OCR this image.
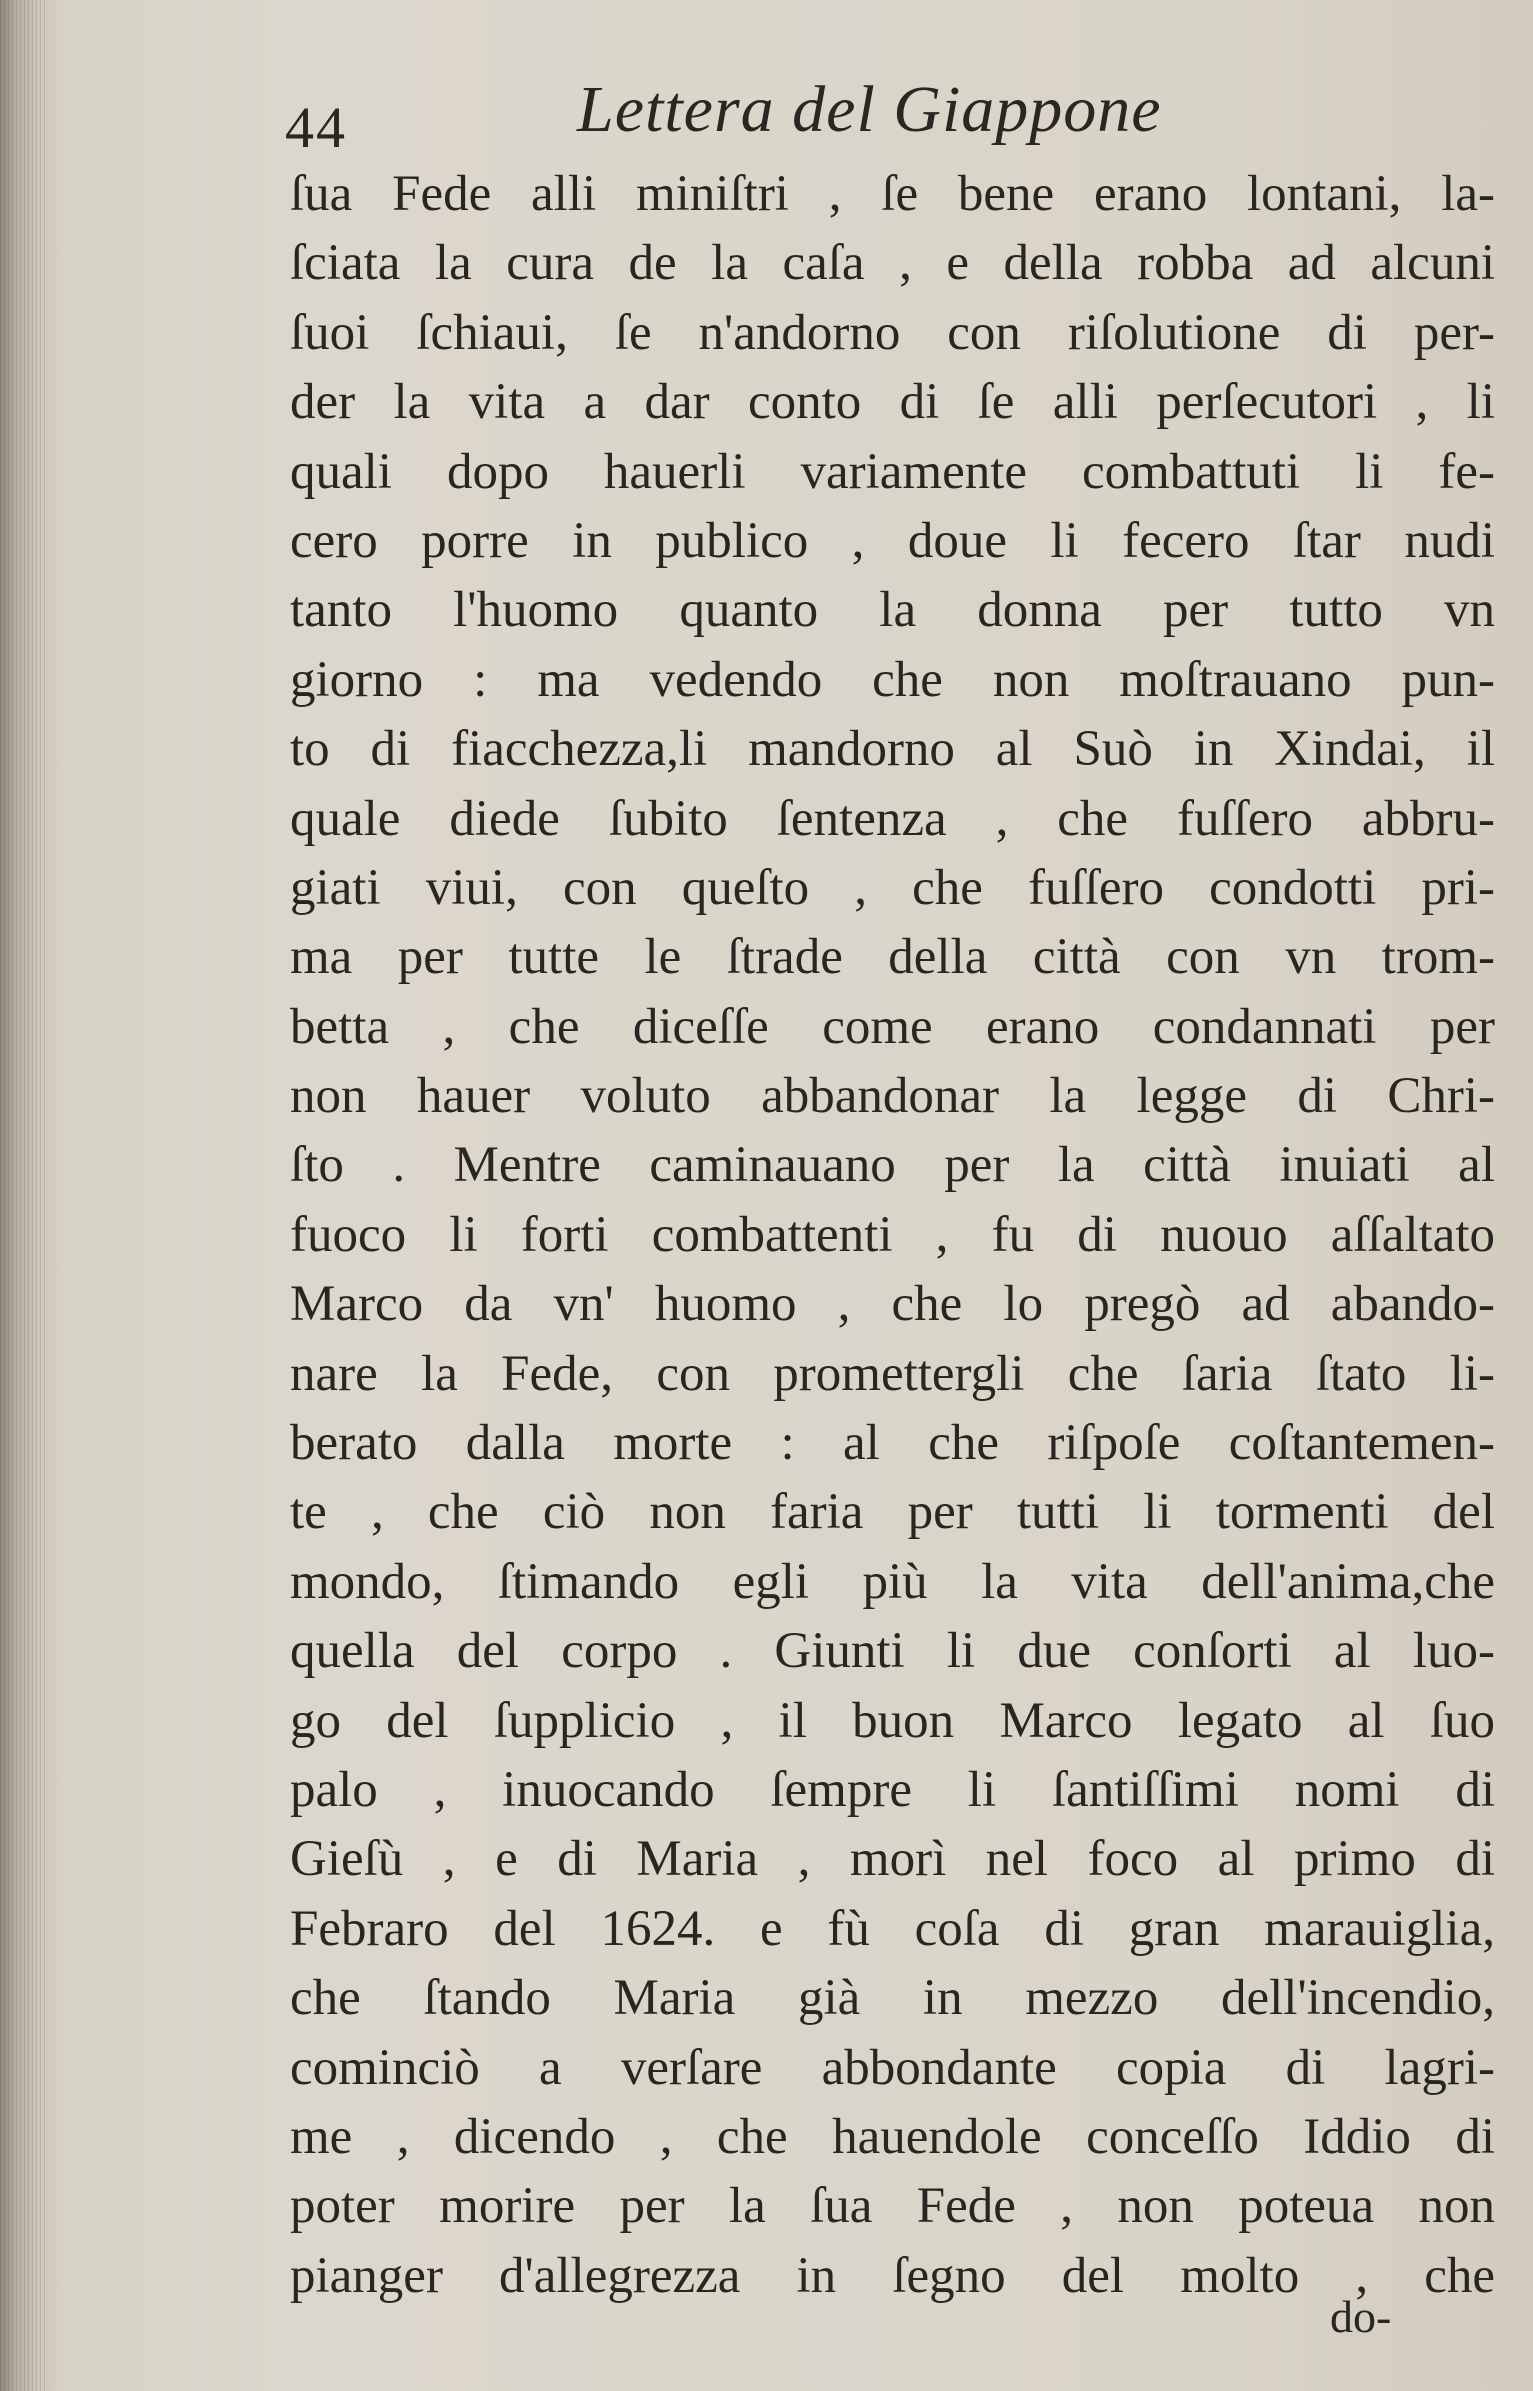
44	Lettera del Giappone
ſua Fede alli miniſtri , ſe bene erano lontani, la-
ſciata la cura de la caſa , e della robba ad alcuni
ſuoi ſchiaui, ſe n'andorno con riſolutione di per-
der la vita a dar conto di ſe alli perſecutori , li
quali dopo hauerli variamente combattuti li fe-
cero porre in publico , doue li fecero ſtar nudi
tanto l'huomo quanto la donna per tutto vn
giorno : ma vedendo che non moſtrauano pun-
to di fiacchezza,li mandorno al Suò in Xindai, il
quale diede ſubito ſentenza , che fuſſero abbru-
giati viui, con queſto , che fuſſero condotti pri-
ma per tutte le ſtrade della città con vn trom-
betta , che diceſſe come erano condannati per
non hauer voluto abbandonar la legge di Chri-
ſto . Mentre caminauano per la città inuiati al
fuoco li forti combattenti , fu di nuouo aſſaltato
Marco da vn' huomo , che lo pregò ad abando-
nare la Fede, con promettergli che ſaria ſtato li-
berato dalla morte : al che riſpoſe coſtantemen-
te , che ciò non faria per tutti li tormenti del
mondo, ſtimando egli più la vita dell'anima,che
quella del corpo . Giunti li due conſorti al luo-
go del ſupplicio , il buon Marco legato al ſuo
palo , inuocando ſempre li ſantiſſimi nomi di
Gieſù , e di Maria , morì nel foco al primo di
Febraro del 1624. e fù coſa di gran marauiglia,
che ſtando Maria già in mezzo dell'incendio,
cominciò a verſare abbondante copia di lagri-
me , dicendo , che hauendole conceſſo Iddio di
poter morire per la ſua Fede , non poteua non
pianger d'allegrezza in ſegno del molto , che
do-
